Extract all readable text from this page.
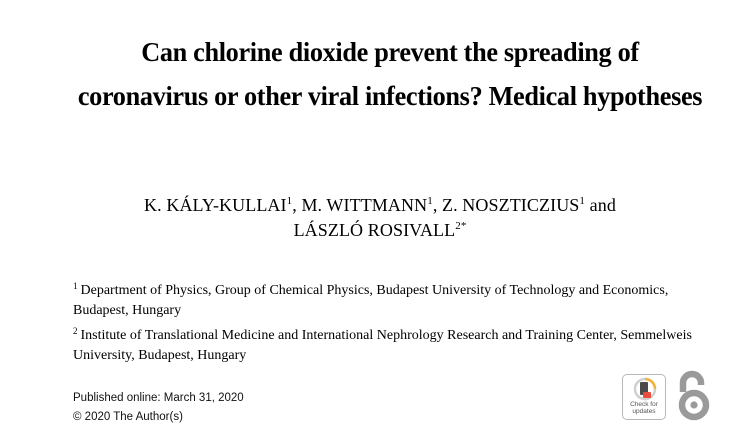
Can chlorine dioxide prevent the spreading of coronavirus or other viral infections? Medical hypotheses
K. KÁLY-KULLAI$^1$, M. WITTMANN$^1$, Z. NOSZTICZIUS$^1$ and
LÁSZLÓ $ROSIVALL^{2*}$
$^1$ Department of Physics, Group of Chemical Physics, Budapest University of Technology and Economics, Budapest, Hungary
$^2$ Institute of Translational Medicine and International Nephrology Research and Training Center, Semmelweis University, Budapest, Hungary
Published online: March 31, 2020
© 2020 The Author(s)
Check for
updates
